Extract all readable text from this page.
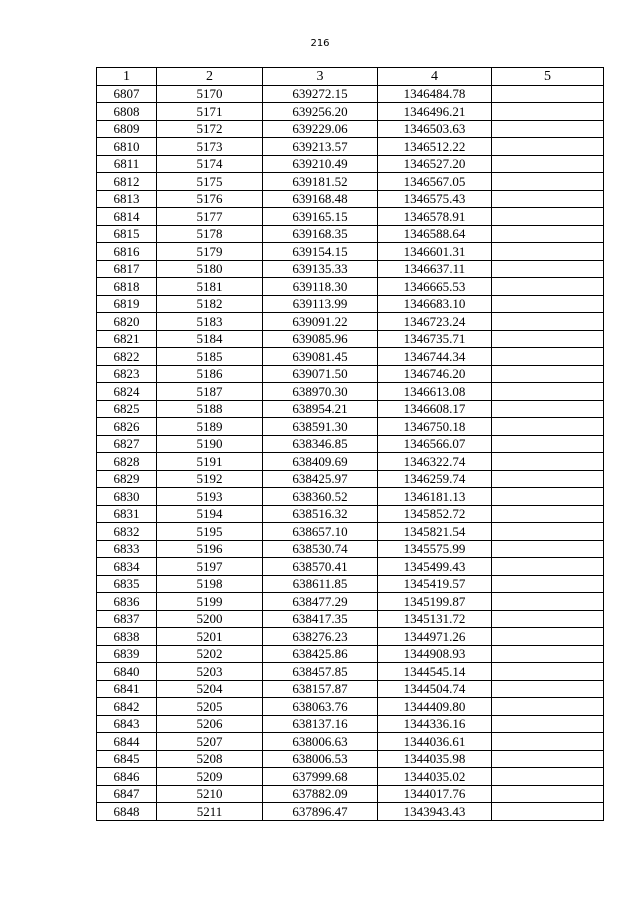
216
1	2	3	4	5
6807	5170	639272.15	1346484.78	
6808	5171	639256.20	1346496.21	
6809	5172	639229.06	1346503.63	
6810	5173	639213.57	1346512.22	
6811	5174	639210.49	1346527.20	
6812	5175	639181.52	1346567.05	
6813	5176	639168.48	1346575.43	
6814	5177	639165.15	1346578.91	
6815	5178	639168.35	1346588.64	
6816	5179	639154.15	1346601.31	
6817	5180	639135.33	1346637.11	
6818	5181	639118.30	1346665.53	
6819	5182	639113.99	1346683.10	
6820	5183	639091.22	1346723.24	
6821	5184	639085.96	1346735.71	
6822	5185	639081.45	1346744.34	
6823	5186	639071.50	1346746.20	
6824	5187	638970.30	1346613.08	
6825	5188	638954.21	1346608.17	
6826	5189	638591.30	1346750.18	
6827	5190	638346.85	1346566.07	
6828	5191	638409.69	1346322.74	
6829	5192	638425.97	1346259.74	
6830	5193	638360.52	1346181.13	
6831	5194	638516.32	1345852.72	
6832	5195	638657.10	1345821.54	
6833	5196	638530.74	1345575.99	
6834	5197	638570.41	1345499.43	
6835	5198	638611.85	1345419.57	
6836	5199	638477.29	1345199.87	
6837	5200	638417.35	1345131.72	
6838	5201	638276.23	1344971.26	
6839	5202	638425.86	1344908.93	
6840	5203	638457.85	1344545.14	
6841	5204	638157.87	1344504.74	
6842	5205	638063.76	1344409.80	
6843	5206	638137.16	1344336.16	
6844	5207	638006.63	1344036.61	
6845	5208	638006.53	1344035.98	
6846	5209	637999.68	1344035.02	
6847	5210	637882.09	1344017.76	
6848	5211	637896.47	1343943.43	
